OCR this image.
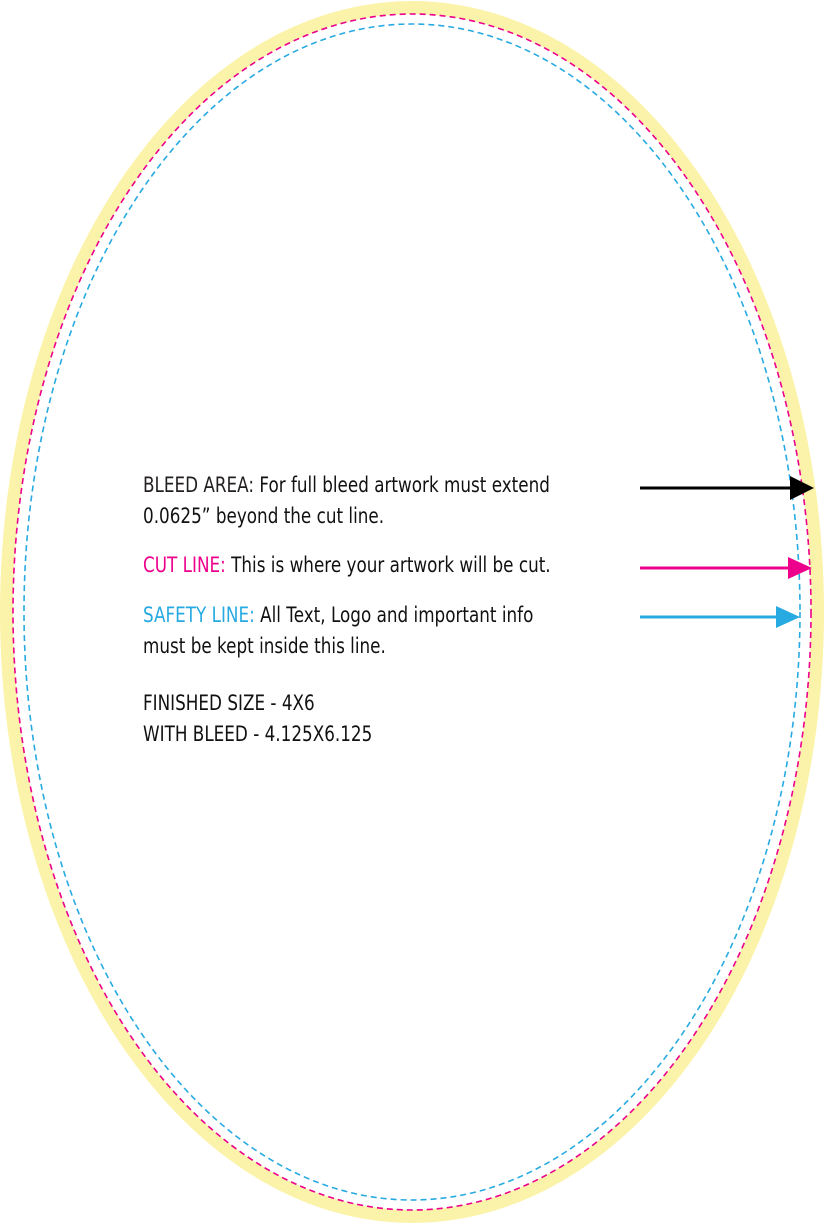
BLEED AREA: For full bleed artwork must extend
0.0625” beyond the cut line.
CUT LINE: This is where your artwork will be cut.
SAFETY LINE: All Text, Logo and important info
must be kept inside this line.
FINISHED SIZE - 4X6
WITH BLEED - 4.125X6.125
